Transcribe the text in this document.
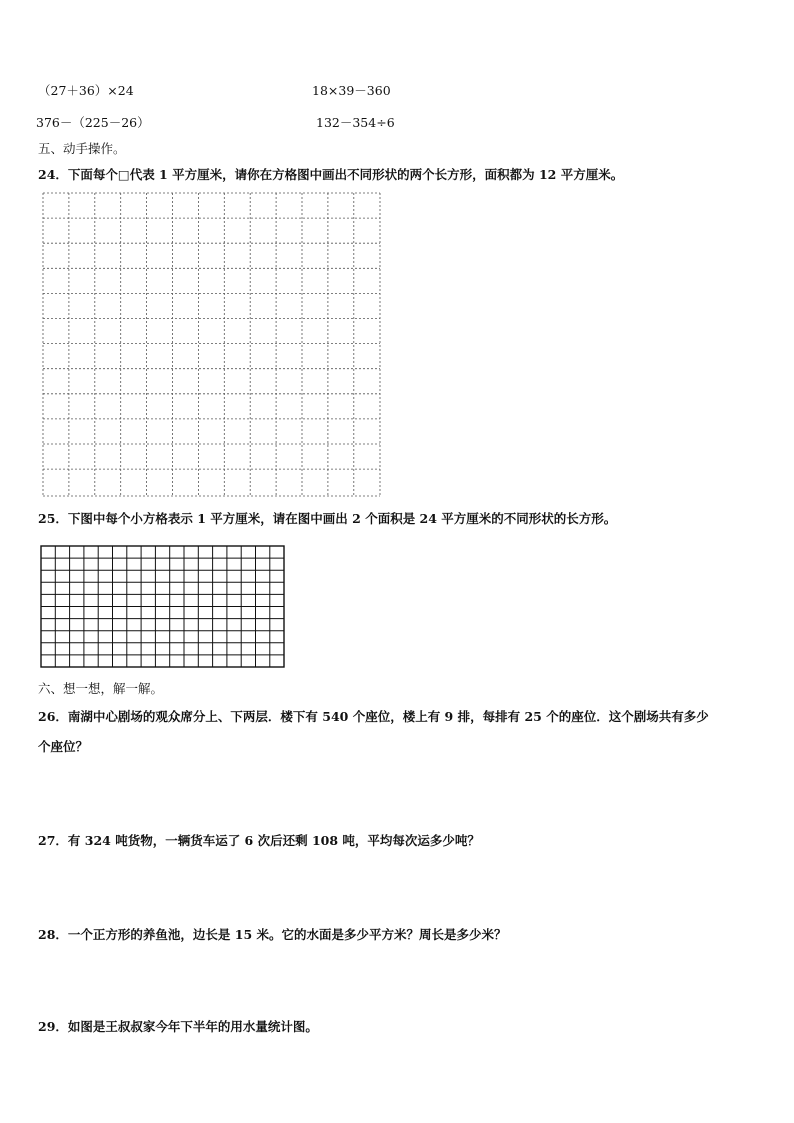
（27＋36）×24	18×39－360
376－（225－26）	132－354÷6
五、动手操作。
24．下面每个□代表 1 平方厘米，请你在方格图中画出不同形状的两个长方形，面积都为 12 平方厘米。
25．下图中每个小方格表示 1 平方厘米，请在图中画出 2 个面积是 24 平方厘米的不同形状的长方形。
六、想一想，解一解。
26．南湖中心剧场的观众席分上、下两层．楼下有 540 个座位，楼上有 9 排，每排有 25 个的座位．这个剧场共有多少
个座位？
27．有 324 吨货物，一辆货车运了 6 次后还剩 108 吨，平均每次运多少吨？
28．一个正方形的养鱼池，边长是 15 米。它的水面是多少平方米？周长是多少米？
29．如图是王叔叔家今年下半年的用水量统计图。
